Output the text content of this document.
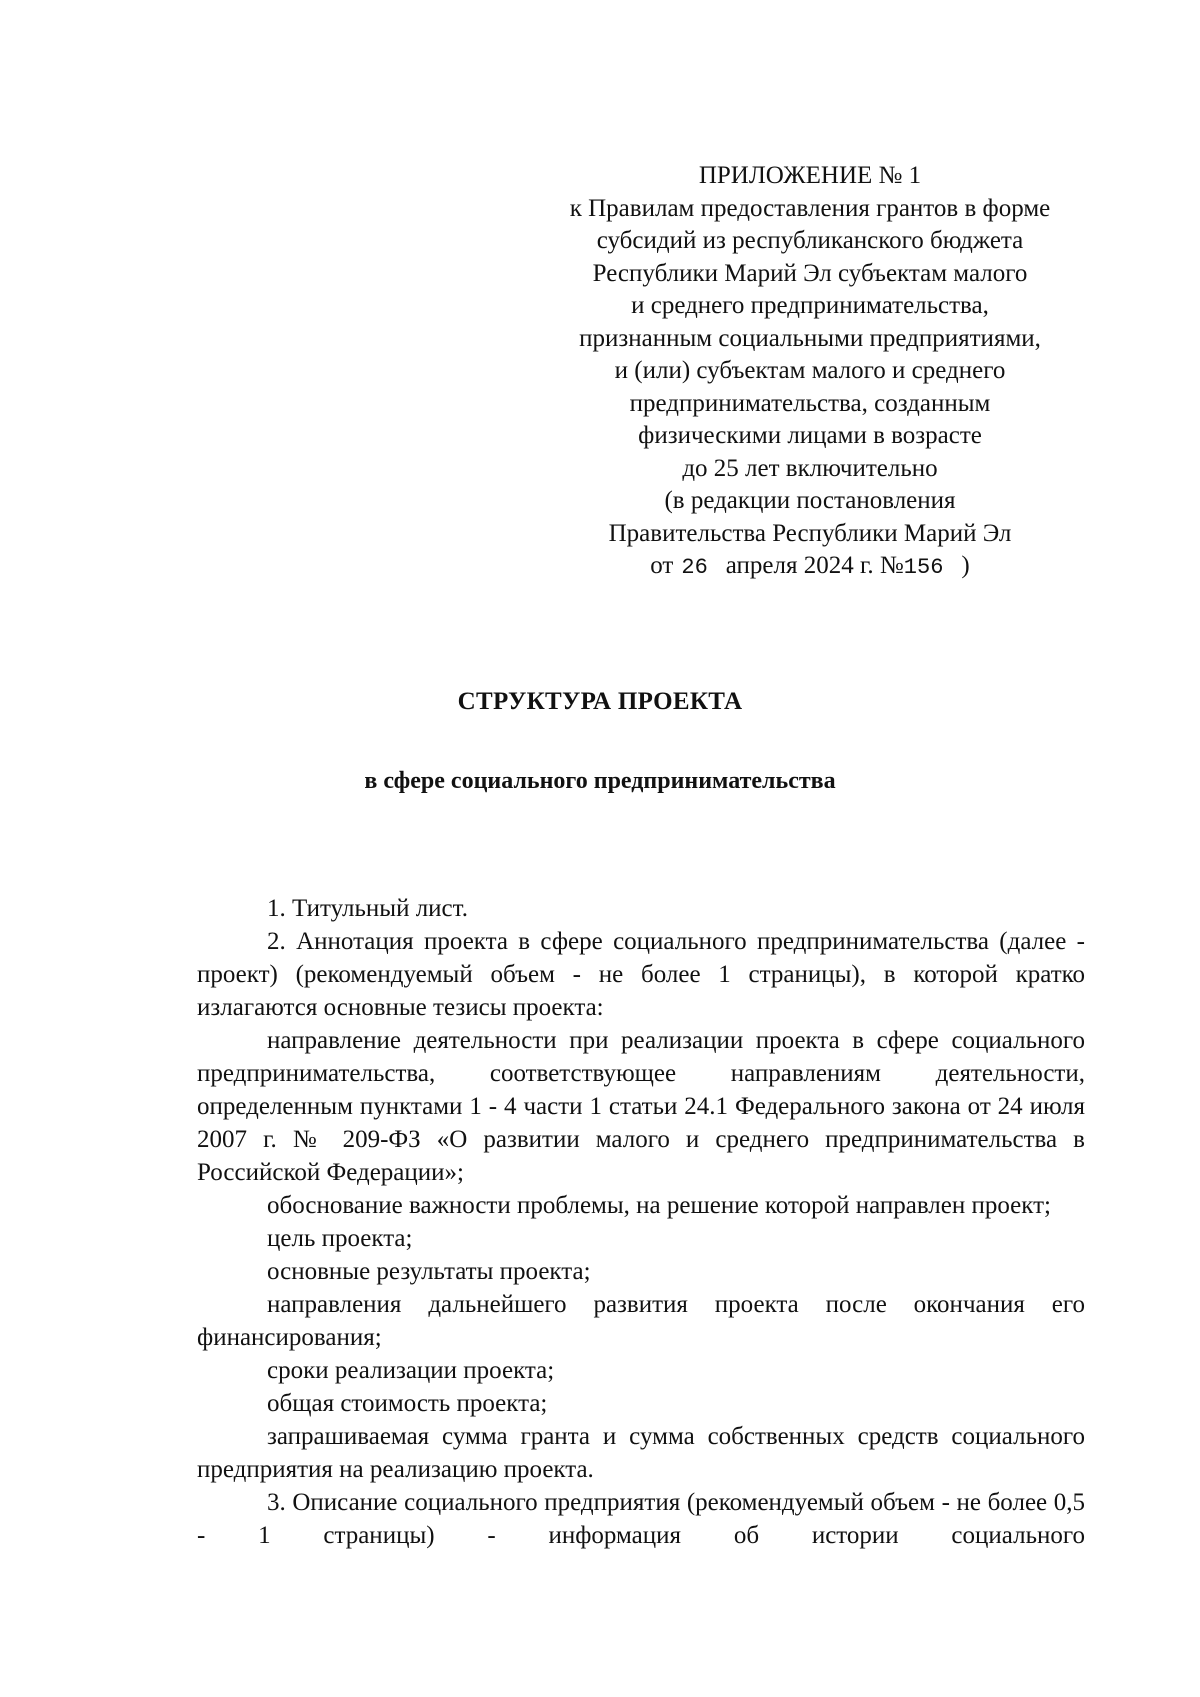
ПРИЛОЖЕНИЕ № 1
к Правилам предоставления грантов в форме
субсидий из республиканского бюджета
Республики Марий Эл субъектам малого
и среднего предпринимательства,
признанным социальными предприятиями,
и (или) субъектам малого и среднего
предпринимательства, созданным
физическими лицами в возрасте
до 25 лет включительно
(в редакции постановления
Правительства Республики Марий Эл
от 26 апреля 2024 г. №156 )
СТРУКТУРА ПРОЕКТА
в сфере социального предпринимательства

1. Титульный лист.

2. Аннотация проекта в сфере социального предпринимательства (далее - проект) (рекомендуемый объем - не более 1 страницы), в которой кратко излагаются основные тезисы проекта:

направление деятельности при реализации проекта в сфере социального предпринимательства, соответствующее направлениям деятельности, определенным пунктами 1 - 4 части 1 статьи 24.1 Федерального закона от 24 июля 2007 г. № 209-ФЗ «О развитии малого и среднего предпринимательства в Российской Федерации»;

обоснование важности проблемы, на решение которой направлен проект;

цель проекта;

основные результаты проекта;

направления дальнейшего развития проекта после окончания его финансирования;

сроки реализации проекта;

общая стоимость проекта;

запрашиваемая сумма гранта и сумма собственных средств социального предприятия на реализацию проекта.

3. Описание социального предприятия (рекомендуемый объем - не более 0,5 - 1 страницы) - информация об истории социального
